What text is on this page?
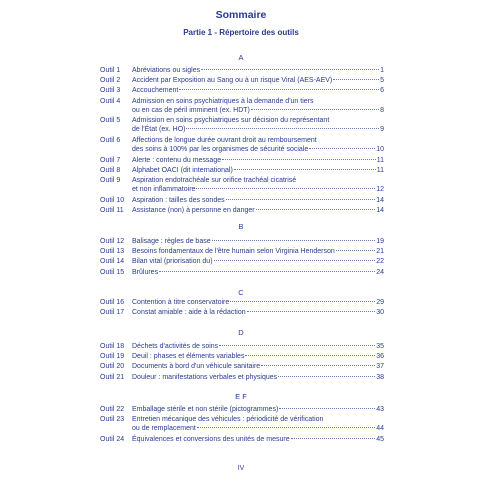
Sommaire
Partie 1 - Répertoire des outils
A
Outil 1	Abréviations ou sigles	1
Outil 2	Accident par Exposition au Sang ou à un risque Viral (AES-AEV)	5
Outil 3	Accouchement	6
Outil 4	Admission en soins psychiatriques à la demande d'un tiers
ou en cas de péril imminent (ex. HDT)	8
Outil 5	Admission en soins psychiatriques sur décision du représentant
de l'État (ex. HO)	9
Outil 6	Affections de longue durée ouvrant droit au remboursement
des soins à 100% par les organismes de sécurité sociale	10
Outil 7	Alerte : contenu du message	11
Outil 8	Alphabet OACI (dit international)	11
Outil 9	Aspiration endotrachéale sur orifice trachéal cicatrisé
et non inflammatoire	12
Outil 10	Aspiration : tailles des sondes	14
Outil 11	Assistance (non) à personne en danger	14
B
Outil 12	Balisage : règles de base	19
Outil 13	Besoins fondamentaux de l'être humain selon Virginia Henderson	21
Outil 14	Bilan vital (priorisation du)	22
Outil 15	Brûlures	24
C
Outil 16	Contention à titre conservatoire	29
Outil 17	Constat amiable : aide à la rédaction	30
D
Outil 18	Déchets d'activités de soins	35
Outil 19	Deuil : phases et éléments variables	36
Outil 20	Documents à bord d'un véhicule sanitaire	37
Outil 21	Douleur : manifestations verbales et physiques	38
E F
Outil 22	Emballage stérile et non stérile (pictogrammes)	43
Outil 23	Entretien mécanique des véhicules : périodicité de vérification
ou de remplacement	44
Outil 24	Équivalences et conversions des unités de mesure	45
IV
